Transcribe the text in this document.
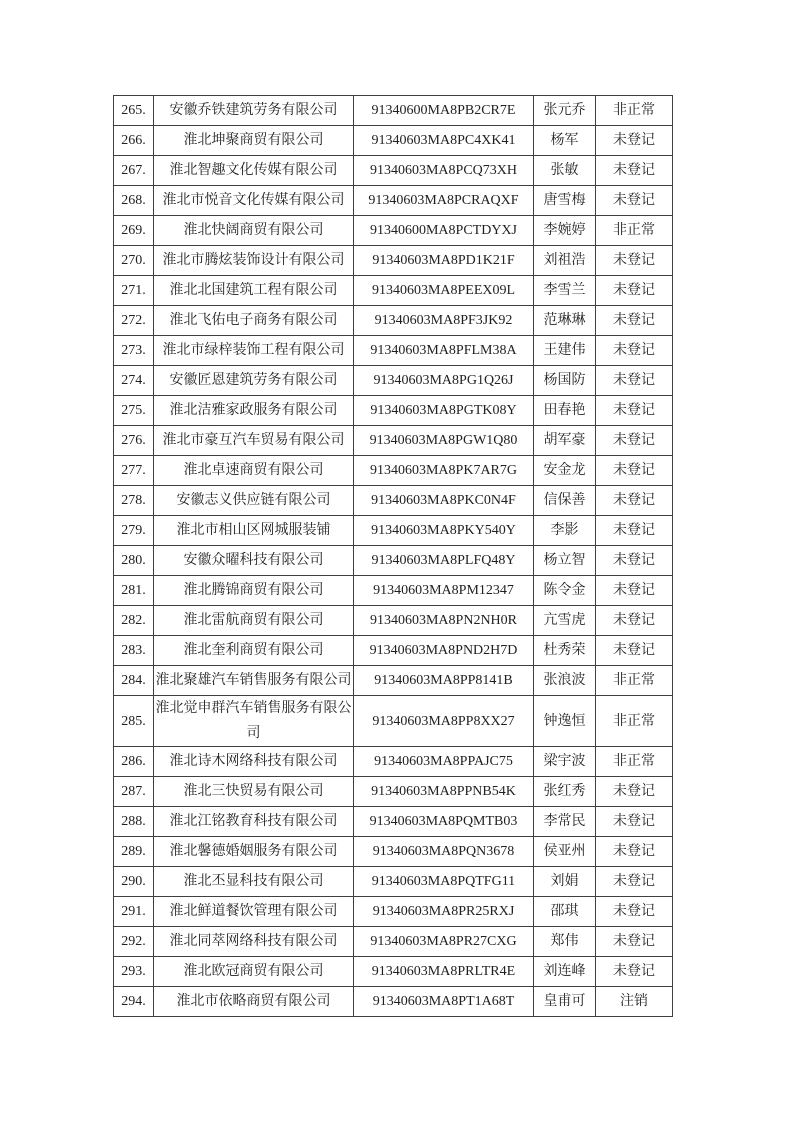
265.	安徽乔铁建筑劳务有限公司	91340600MA8PB2CR7E	张元乔	非正常
266.	淮北坤聚商贸有限公司	91340603MA8PC4XK41	杨军	未登记
267.	淮北智趣文化传媒有限公司	91340603MA8PCQ73XH	张敏	未登记
268.	淮北市悦音文化传媒有限公司	91340603MA8PCRAQXF	唐雪梅	未登记
269.	淮北快阔商贸有限公司	91340600MA8PCTDYXJ	李婉婷	非正常
270.	淮北市腾炫装饰设计有限公司	91340603MA8PD1K21F	刘祖浩	未登记
271.	淮北北国建筑工程有限公司	91340603MA8PEEX09L	李雪兰	未登记
272.	淮北飞佑电子商务有限公司	91340603MA8PF3JK92	范琳琳	未登记
273.	淮北市绿梓装饰工程有限公司	91340603MA8PFLM38A	王建伟	未登记
274.	安徽匠恩建筑劳务有限公司	91340603MA8PG1Q26J	杨国防	未登记
275.	淮北洁雅家政服务有限公司	91340603MA8PGTK08Y	田春艳	未登记
276.	淮北市豪互汽车贸易有限公司	91340603MA8PGW1Q80	胡军豪	未登记
277.	淮北卓速商贸有限公司	91340603MA8PK7AR7G	安金龙	未登记
278.	安徽志义供应链有限公司	91340603MA8PKC0N4F	信保善	未登记
279.	淮北市相山区网城服装铺	91340603MA8PKY540Y	李影	未登记
280.	安徽众曜科技有限公司	91340603MA8PLFQ48Y	杨立智	未登记
281.	淮北腾锦商贸有限公司	91340603MA8PM12347	陈令金	未登记
282.	淮北雷航商贸有限公司	91340603MA8PN2NH0R	亢雪虎	未登记
283.	淮北奎利商贸有限公司	91340603MA8PND2H7D	杜秀荣	未登记
284.	淮北聚雄汽车销售服务有限公司	91340603MA8PP8141B	张浪波	非正常
285.	淮北觉申群汽车销售服务有限公司	91340603MA8PP8XX27	钟逸恒	非正常
286.	淮北诗木网络科技有限公司	91340603MA8PPAJC75	梁宇波	非正常
287.	淮北三快贸易有限公司	91340603MA8PPNB54K	张红秀	未登记
288.	淮北江铭教育科技有限公司	91340603MA8PQMTB03	李常民	未登记
289.	淮北馨德婚姻服务有限公司	91340603MA8PQN3678	侯亚州	未登记
290.	淮北丕显科技有限公司	91340603MA8PQTFG11	刘娟	未登记
291.	淮北鲜道餐饮管理有限公司	91340603MA8PR25RXJ	邵琪	未登记
292.	淮北同萃网络科技有限公司	91340603MA8PR27CXG	郑伟	未登记
293.	淮北欧冠商贸有限公司	91340603MA8PRLTR4E	刘连峰	未登记
294.	淮北市依略商贸有限公司	91340603MA8PT1A68T	皇甫可	注销
